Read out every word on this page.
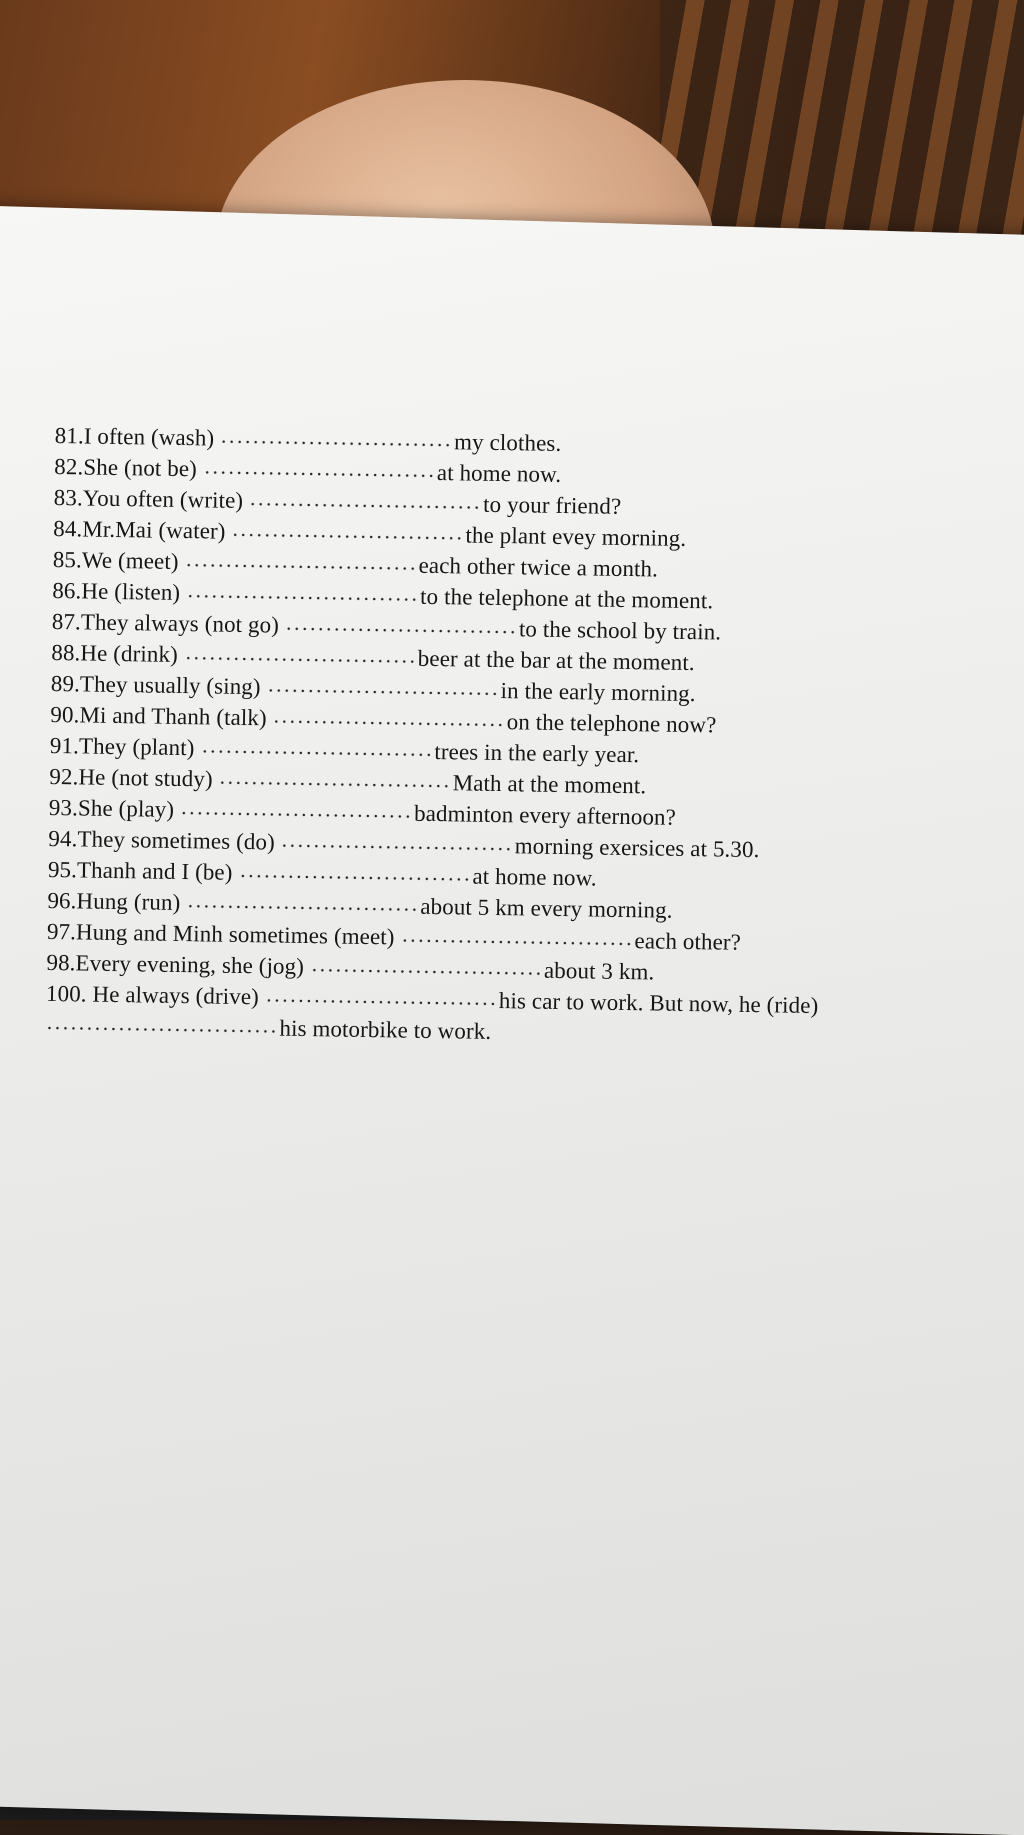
81.I often (wash)	my clothes.
82.She (not be)	at home now.
83.You often (write)	to your friend?
84.Mr.Mai (water)	the plant evey morning.
85.We (meet)	each other twice a month.
86.He (listen)	to the telephone at the moment.
87.They always (not go)	to the school by train.
88.He (drink)	beer at the bar at the moment.
89.They usually (sing)	in the early morning.
90.Mi and Thanh (talk)	on the telephone now?
91.They (plant)	trees in the early year.
92.He (not study)	Math at the moment.
93.She (play)	badminton every afternoon?
94.They sometimes (do)	morning exersices at 5.30.
95.Thanh and I (be)	at home now.
96.Hung (run)	about 5 km every morning.
97.Hung and Minh sometimes (meet)	each other?
98.Every evening, she (jog)	about 3 km.
100. He always (drive)	his car to work. But now, he (ride)
his motorbike to work.
